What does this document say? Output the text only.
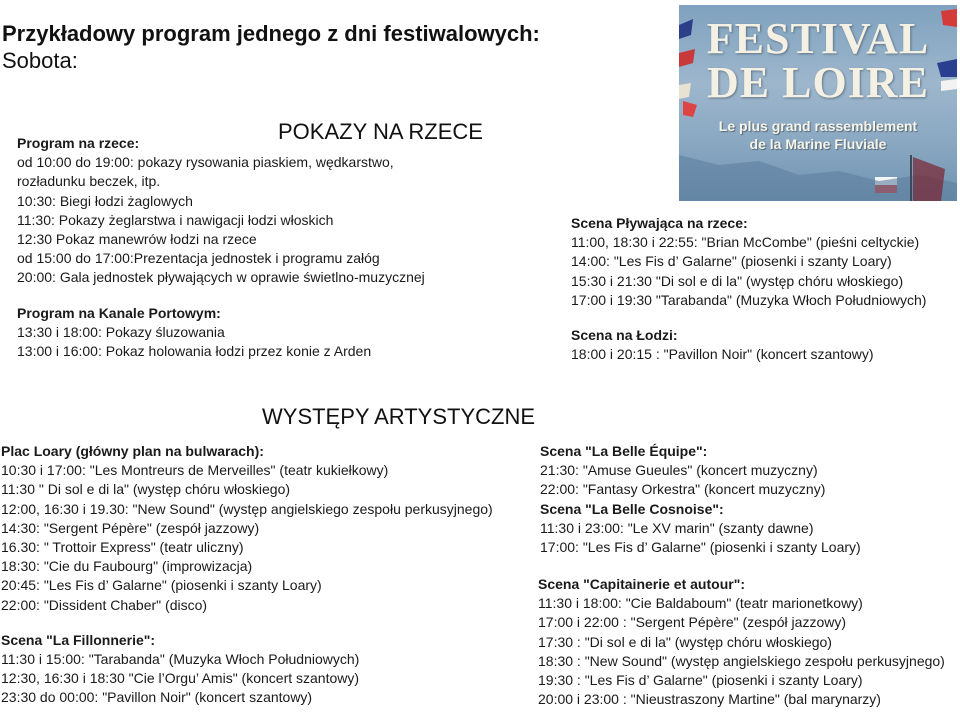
Przykładowy program jednego z dni festiwalowych:
Sobota:	FESTIVAL
DE LOIRE
Le plus grand rassemblement
de la Marine Fluviale
POKAZY NA RZECE
WYSTĘPY ARTYSTYCZNE
Program na rzece:
od 10:00 do 19:00: pokazy rysowania piaskiem, wędkarstwo,
rozładunku beczek, itp.
10:30: Biegi łodzi żaglowych
11:30: Pokazy żeglarstwa i nawigacji łodzi włoskich
12:30 Pokaz manewrów łodzi na rzece
od 15:00 do 17:00:Prezentacja jednostek i programu załóg
20:00: Gala jednostek pływających w oprawie świetlno-muzycznej
Program na Kanale Portowym:
13:30 i 18:00: Pokazy śluzowania
13:00 i 16:00: Pokaz holowania łodzi przez konie z Arden
Scena Pływająca na rzece:
11:00, 18:30 i 22:55: "Brian McCombe" (pieśni celtyckie)
14:00: "Les Fis d’ Galarne" (piosenki i szanty Loary)
15:30 i 21:30 "Di sol e di la" (występ chóru włoskiego)
17:00 i 19:30 "Tarabanda" (Muzyka Włoch Południowych)
Scena na Łodzi:
18:00 i 20:15 : "Pavillon Noir" (koncert szantowy)
Plac Loary (główny plan na bulwarach):
10:30 i 17:00: "Les Montreurs de Merveilles" (teatr kukiełkowy)
11:30 " Di sol e di la" (występ chóru włoskiego)
12:00, 16:30 i 19.30: "New Sound" (występ angielskiego zespołu perkusyjnego)
14:30: "Sergent Pépère" (zespół jazzowy)
16.30: " Trottoir Express" (teatr uliczny)
18:30: "Cie du Faubourg" (improwizacja)
20:45: "Les Fis d’ Galarne" (piosenki i szanty Loary)
22:00: "Dissident Chaber" (disco)
Scena "La Fillonnerie":
11:30 i 15:00: "Tarabanda" (Muzyka Włoch Południowych)
12:30, 16:30 i 18:30 "Cie l’Orgu’ Amis" (koncert szantowy)
23:30 do 00:00: "Pavillon Noir" (koncert szantowy)
Scena "La Belle Équipe":
21:30: "Amuse Gueules" (koncert muzyczny)
22:00: "Fantasy Orkestra" (koncert muzyczny)
Scena "La Belle Cosnoise":
11:30 i 23:00: "Le XV marin" (szanty dawne)
17:00: "Les Fis d’ Galarne" (piosenki i szanty Loary)
Scena "Capitainerie et autour":
11:30 i 18:00: "Cie Baldaboum" (teatr marionetkowy)
17:00 i 22:00 : "Sergent Pépère" (zespół jazzowy)
17:30 : "Di sol e di la" (występ chóru włoskiego)
18:30 : "New Sound" (występ angielskiego zespołu perkusyjnego)
19:30 : "Les Fis d’ Galarne" (piosenki i szanty Loary)
20:00 i 23:00 : "Nieustraszony Martine" (bal marynarzy)
